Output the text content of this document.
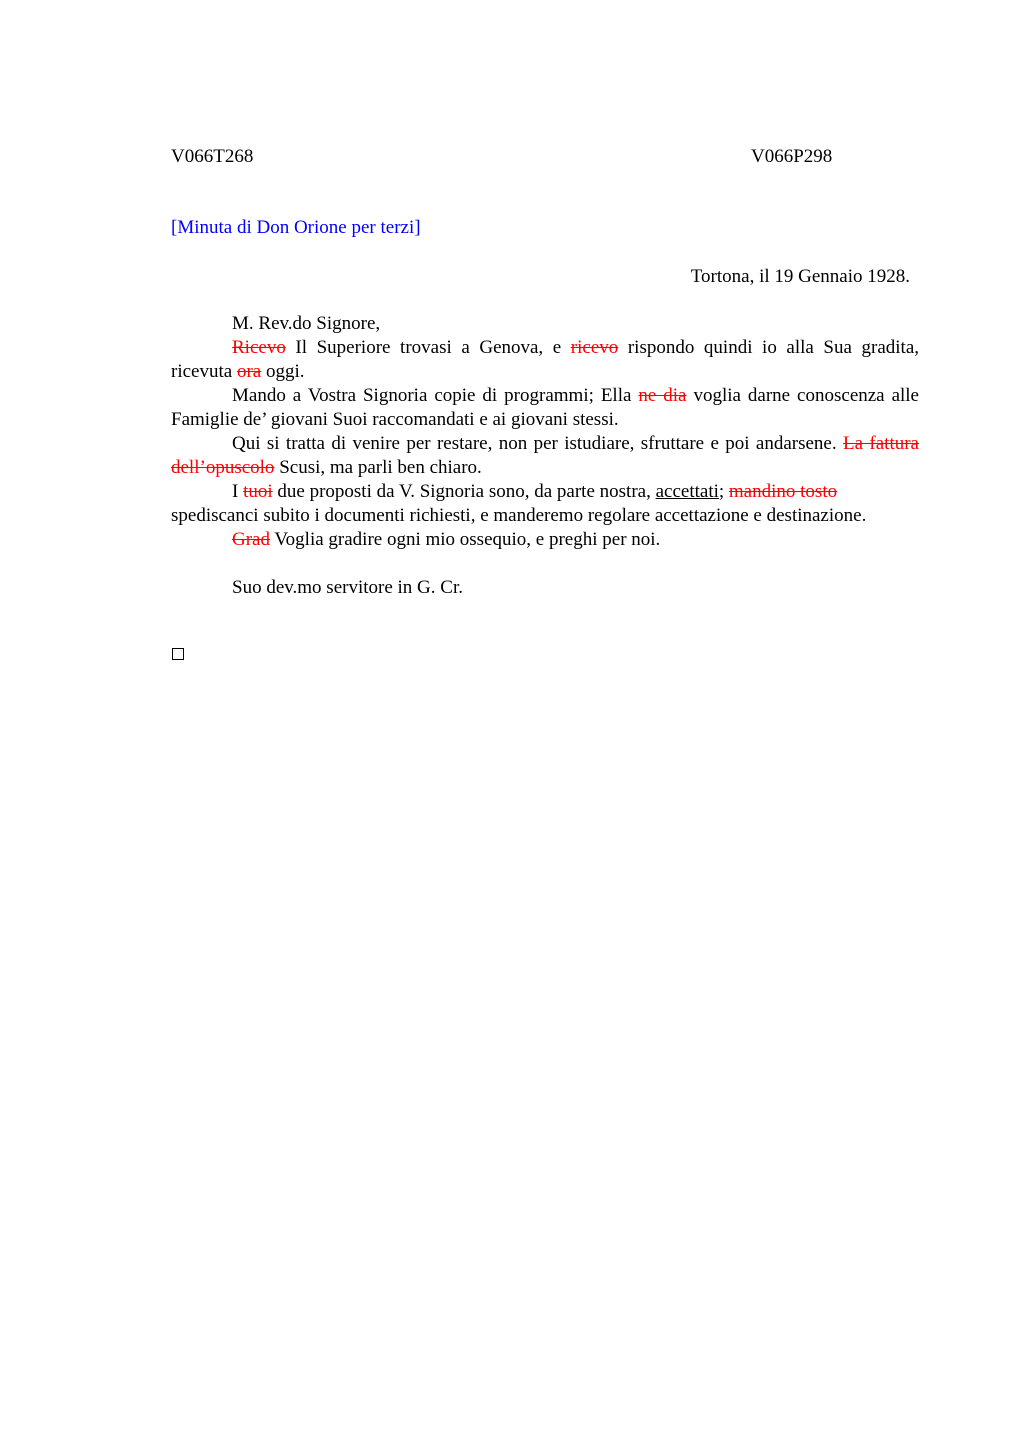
V066T268	V066P298
[Minuta di Don Orione per terzi]
Tortona, il 19 Gennaio 1928.

M. Rev.do Signore,

Ricevo Il Superiore trovasi a Genova, e ricevo rispondo quindi io alla Sua gradita, ricevuta ora oggi.

Mando a Vostra Signoria copie di programmi; Ella ne dia voglia darne conoscenza alle Famiglie de’ giovani Suoi raccomandati e ai giovani stessi.

Qui si tratta di venire per restare, non per istudiare, sfruttare e poi andarsene. La fattura dell’opuscolo Scusi, ma parli ben chiaro.

I tuoi due proposti da V. Signoria sono, da parte nostra, accettati; mandino tosto spediscanci subito i documenti richiesti, e manderemo regolare accettazione e destinazione.

Grad Voglia gradire ogni mio ossequio, e preghi per noi.

Suo dev.mo servitore in G. Cr.
